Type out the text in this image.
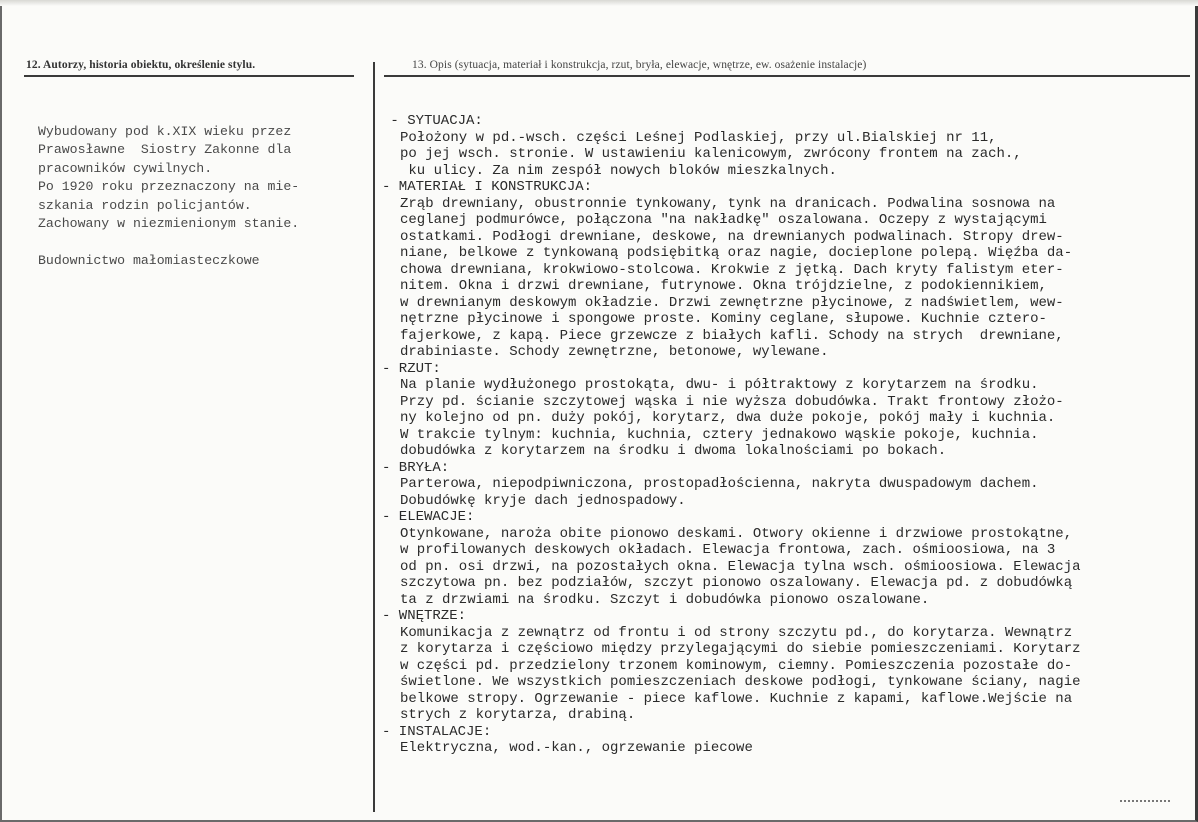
12. Autorzy, historia obiektu, określenie stylu.	13. Opis (sytuacja, materiał i konstrukcja, rzut, bryła, elewacje, wnętrze, ew. osażenie instalacje)
Wybudowany pod k.XIX wieku przez
Prawosławne  Siostry Zakonne dla
pracowników cywilnych.
Po 1920 roku przeznaczony na mie-
szkania rodzin policjantów.
Zachowany w niezmienionym stanie.
Budownictwo małomiasteczkowe
- SYTUACJA:
Położony w pd.-wsch. części Leśnej Podlaskiej, przy ul.Bialskiej nr 11,
po jej wsch. stronie. W ustawieniu kalenicowym, zwrócony frontem na zach.,
ku ulicy. Za nim zespół nowych bloków mieszkalnych.
- MATERIAŁ I KONSTRUKCJA:
Zrąb drewniany, obustronnie tynkowany, tynk na dranicach. Podwalina sosnowa na
ceglanej podmurówce, połączona "na nakładkę" oszalowana. Oczepy z wystającymi
ostatkami. Podłogi drewniane, deskowe, na drewnianych podwalinach. Stropy drew-
niane, belkowe z tynkowaną podsiębitką oraz nagie, docieplone polepą. Więźba da-
chowa drewniana, krokwiowo-stolcowa. Krokwie z jętką. Dach kryty falistym eter-
nitem. Okna i drzwi drewniane, futrynowe. Okna trójdzielne, z podokiennikiem,
w drewnianym deskowym okładzie. Drzwi zewnętrzne płycinowe, z nadświetlem, wew-
nętrzne płycinowe i spongowe proste. Kominy ceglane, słupowe. Kuchnie cztero-
fajerkowe, z kapą. Piece grzewcze z białych kafli. Schody na strych  drewniane,
drabiniaste. Schody zewnętrzne, betonowe, wylewane.
- RZUT:
Na planie wydłużonego prostokąta, dwu- i półtraktowy z korytarzem na środku.
Przy pd. ścianie szczytowej wąska i nie wyższa dobudówka. Trakt frontowy złożo-
ny kolejno od pn. duży pokój, korytarz, dwa duże pokoje, pokój mały i kuchnia.
W trakcie tylnym: kuchnia, kuchnia, cztery jednakowo wąskie pokoje, kuchnia.
dobudówka z korytarzem na środku i dwoma lokalnościami po bokach.
- BRYŁA:
Parterowa, niepodpiwniczona, prostopadłościenna, nakryta dwuspadowym dachem.
Dobudówkę kryje dach jednospadowy.
- ELEWACJE:
Otynkowane, naroża obite pionowo deskami. Otwory okienne i drzwiowe prostokątne,
w profilowanych deskowych okładach. Elewacja frontowa, zach. ośmioosiowa, na 3
od pn. osi drzwi, na pozostałych okna. Elewacja tylna wsch. ośmioosiowa. Elewacja
szczytowa pn. bez podziałów, szczyt pionowo oszalowany. Elewacja pd. z dobudówką
ta z drzwiami na środku. Szczyt i dobudówka pionowo oszalowane.
- WNĘTRZE:
Komunikacja z zewnątrz od frontu i od strony szczytu pd., do korytarza. Wewnątrz
z korytarza i częściowo między przylegającymi do siebie pomieszczeniami. Korytarz
w części pd. przedzielony trzonem kominowym, ciemny. Pomieszczenia pozostałe do-
świetlone. We wszystkich pomieszczeniach deskowe podłogi, tynkowane ściany, nagie
belkowe stropy. Ogrzewanie - piece kaflowe. Kuchnie z kapami, kaflowe.Wejście na
strych z korytarza, drabiną.
- INSTALACJE:
Elektryczna, wod.-kan., ogrzewanie piecowe
